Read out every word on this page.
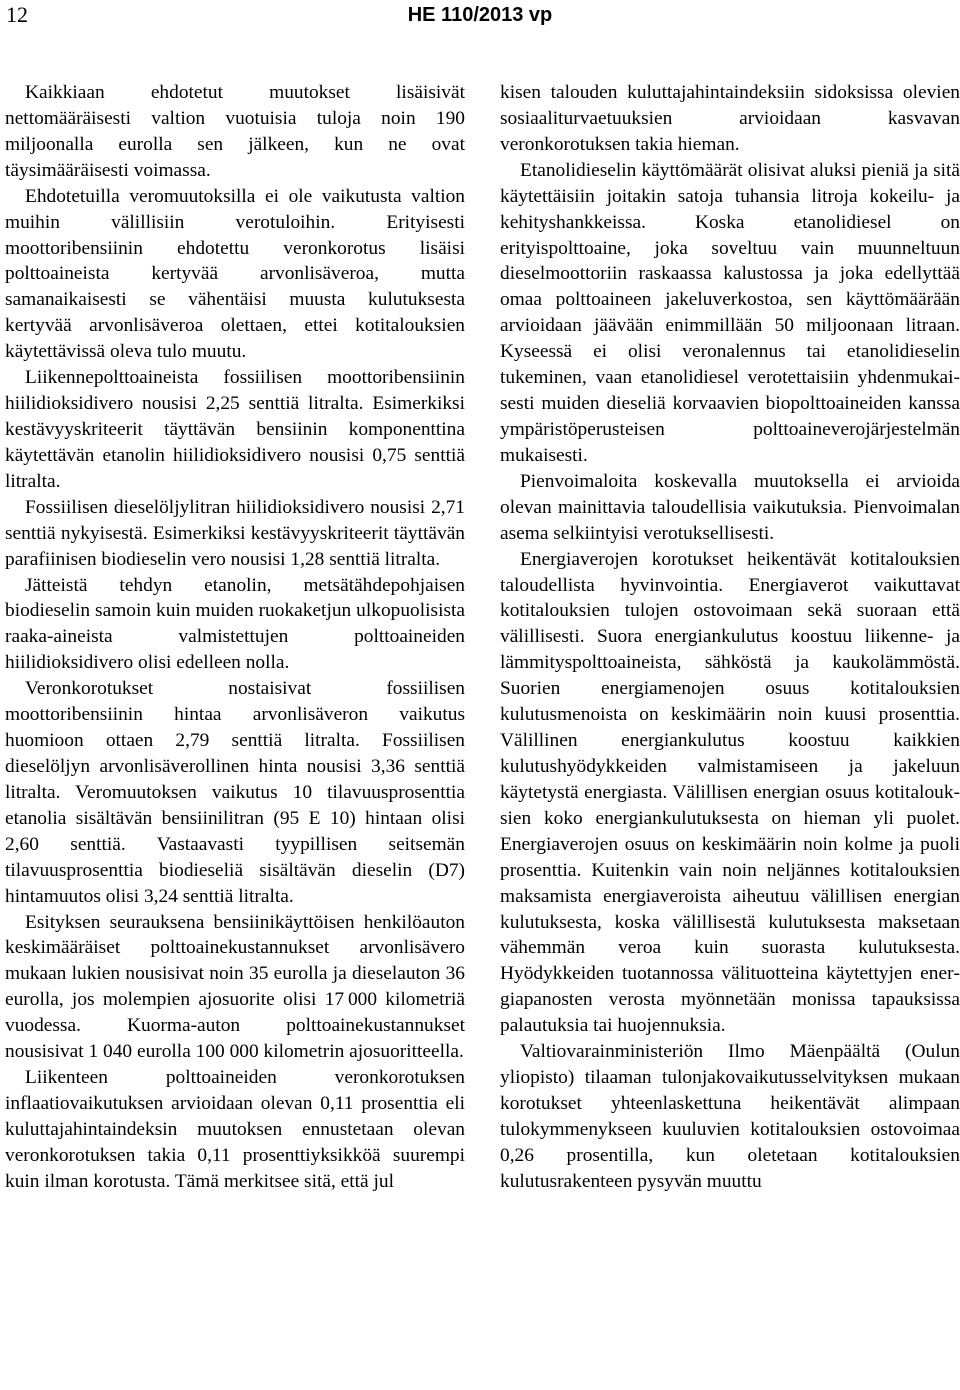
12	HE 110/2013 vp

Kaikkiaan ehdotetut muutokset lisäisivät nettomääräisesti valtion vuotuisia tuloja noin 190 miljoonalla eurolla sen jälkeen, kun ne ovat täysimääräisesti voimassa.

Ehdotetuilla veromuutoksilla ei ole vaikutusta valtion muihin välillisiin verotuloihin. Erityisesti moottoribensiinin ehdotettu veronkorotus lisäisi polttoaineista kertyvää arvonlisäveroa, mutta samanaikaisesti se vähentäisi muusta kulutuksesta kertyvää arvonlisäveroa olettaen, ettei kotitalouksien käytettävissä oleva tulo muutu.

Liikennepolttoaineista fossiilisen moottoribensiinin hiilidioksidivero nousisi 2,25 senttiä litralta. Esimerkiksi kestävyyskriteerit täyttävän bensiinin komponenttina käytettävän etanolin hiilidioksidivero nousisi 0,75 senttiä litralta.

Fossiilisen dieselöljylitran hiilidioksidivero nousisi 2,71 senttiä nykyisestä. Esimerkiksi kestävyyskriteerit täyttävän parafiinisen biodieselin vero nousisi 1,28 senttiä litralta.

Jätteistä tehdyn etanolin, metsätähdepohjaisen biodieselin samoin kuin muiden ruokaketjun ulkopuolisista raaka-aineista valmistettujen polttoaineiden hiilidioksidivero olisi edelleen nolla.

Veronkorotukset nostaisivat fossiilisen moottoribensiinin hintaa arvonlisäveron vaikutus huomioon ottaen 2,79 senttiä litralta. Fossiilisen dieselöljyn arvonlisäverollinen hinta nousisi 3,36 senttiä litralta. Veromuutoksen vaikutus 10 tilavuusprosenttia etanolia sisältävän bensiinilitran (95 E 10) hintaan olisi 2,60 senttiä. Vastaavasti tyypillisen seitsemän tilavuusprosenttia biodieseliä sisältävän dieselin (D7) hintamuutos olisi 3,24 senttiä litralta.

Esityksen seurauksena bensiinikäyttöisen henkilöauton keskimääräiset polttoainekustannukset arvonlisävero mukaan lukien nousisivat noin 35 eurolla ja dieselauton 36 eurolla, jos molempien ajosuorite olisi 17 000 kilometriä vuodessa. Kuorma-auton polttoainekustannukset nousisivat 1 040 eurolla 100 000 kilometrin ajosuoritteella.

Liikenteen polttoaineiden veronkorotuksen inflaatiovaikutuksen arvioidaan olevan 0,11 prosenttia eli kuluttajahintaindeksin muutoksen ennustetaan olevan veronkorotuksen takia 0,11 prosenttiyksikköä suurempi kuin ilman korotusta. Tämä merkitsee sitä, että jul

kisen talouden kuluttajahintaindeksiin sidoksissa olevien sosiaaliturvaetuuksien arvioidaan kasvavan veronkorotuksen takia hieman.

Etanolidieselin käyttömäärät olisivat aluksi pieniä ja sitä käytettäisiin joitakin satoja tuhansia litroja kokeilu- ja kehityshankkeissa. Koska etanolidiesel on erityispolttoaine, joka soveltuu vain muunneltuun dieselmoottoriin raskaassa kalustossa ja joka edellyttää omaa polttoaineen jakeluverkostoa, sen käyttömäärään arvioidaan jäävään enimmillään 50 miljoonaan litraan. Kyseessä ei olisi veronalennus tai etanolidieselin tukeminen, vaan etanolidiesel verotettaisiin yhdenmukaisesti muiden dieseliä korvaavien biopolttoaineiden kanssa ympäristöperusteisen polttoaineverojärjestelmän mukaisesti.

Pienvoimaloita koskevalla muutoksella ei arvioida olevan mainittavia taloudellisia vaikutuksia. Pienvoimalan asema selkiintyisi verotuksellisesti.

Energiaverojen korotukset heikentävät kotitalouksien taloudellista hyvinvointia. Energiaverot vaikuttavat kotitalouksien tulojen ostovoimaan sekä suoraan että välillisesti. Suora energiankulutus koostuu liikenne- ja lämmityspolttoaineista, sähköstä ja kaukolämmöstä. Suorien energiamenojen osuus kotitalouksien kulutusmenoista on keskimäärin noin kuusi prosenttia. Välillinen energiankulutus koostuu kaikkien kulutushyödykkeiden valmistamiseen ja jakeluun käytetystä energiasta. Välillisen energian osuus kotitalouksien koko energiankulutuksesta on hieman yli puolet. Energiaverojen osuus on keskimäärin noin kolme ja puoli prosenttia. Kuitenkin vain noin neljännes kotitalouksien maksamista energiaveroista aiheutuu välillisen energian kulutuksesta, koska välillisestä kulutuksesta maksetaan vähemmän veroa kuin suorasta kulutuksesta. Hyödykkeiden tuotannossa välituotteina käytettyjen energiapanosten verosta myönnetään monissa tapauksissa palautuksia tai huojennuksia.

Valtiovarainministeriön Ilmo Mäenpäältä (Oulun yliopisto) tilaaman tulonjakovaikutusselvityksen mukaan korotukset yhteenlaskettuna heikentävät alimpaan tulokymmenykseen kuuluvien kotitalouksien ostovoimaa 0,26 prosentilla, kun oletetaan kotitalouksien kulutusrakenteen pysyvän muuttu
